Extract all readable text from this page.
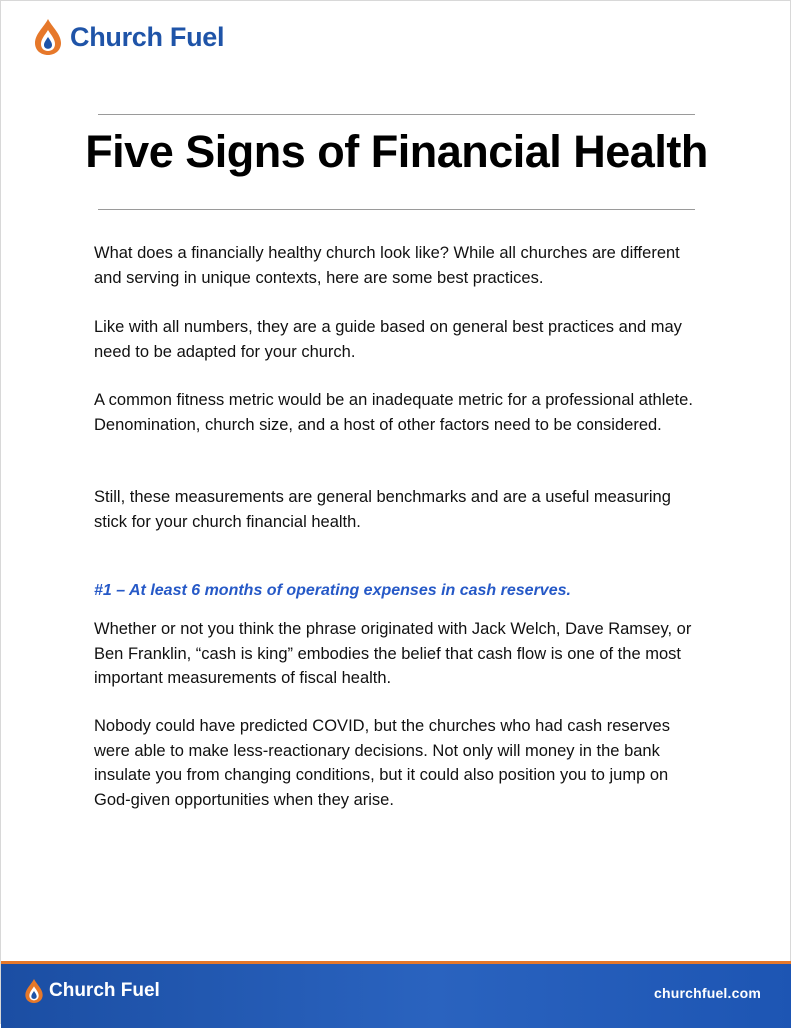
Church Fuel
Five Signs of Financial Health

What does a financially healthy church look like? While all churches are different and serving in unique contexts, here are some best practices.

Like with all numbers, they are a guide based on general best practices and may need to be adapted for your church.

A common fitness metric would be an inadequate metric for a professional athlete. Denomination, church size, and a host of other factors need to be considered.

Still, these measurements are general benchmarks and are a useful measuring stick for your church financial health.

#1 – At least 6 months of operating expenses in cash reserves.

Whether or not you think the phrase originated with Jack Welch, Dave Ramsey, or Ben Franklin, “cash is king” embodies the belief that cash flow is one of the most important measurements of fiscal health.

Nobody could have predicted COVID, but the churches who had cash reserves were able to make less-reactionary decisions. Not only will money in the bank insulate you from changing conditions, but it could also position you to jump on God-given opportunities when they arise.

Church Fuel	churchfuel.com
